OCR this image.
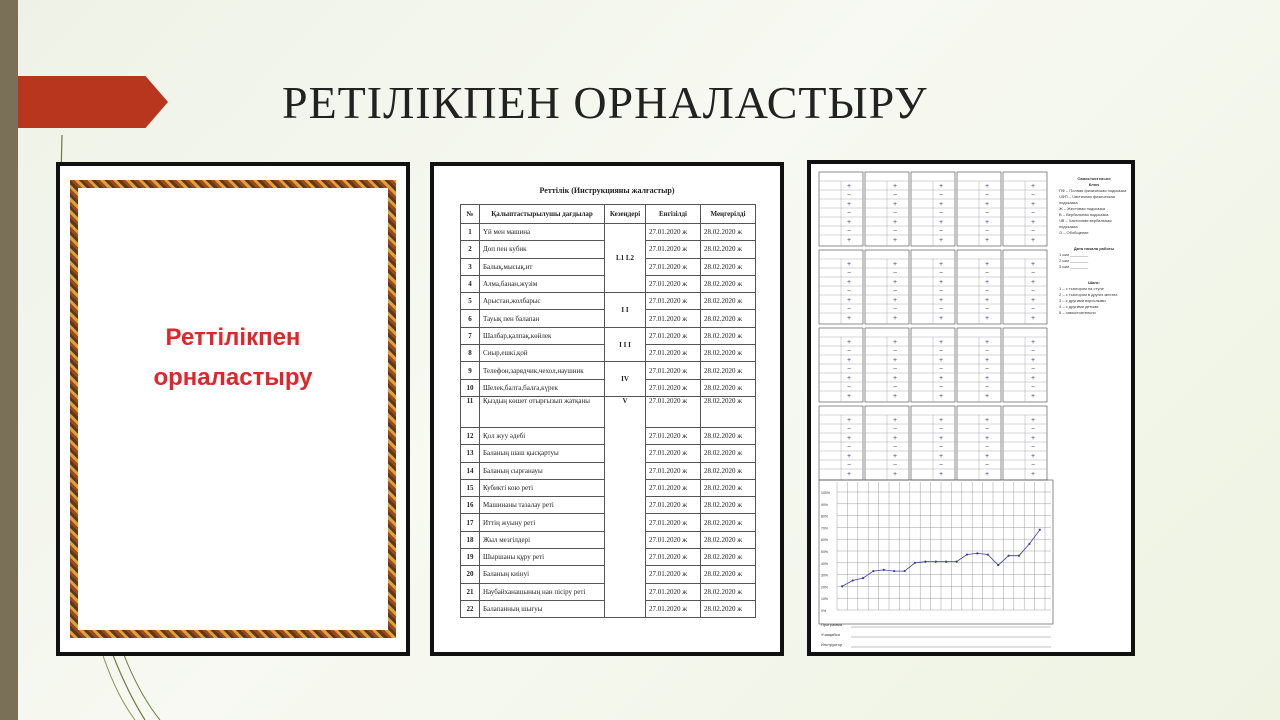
РЕТІЛІКПЕН ОРНАЛАСТЫРУ
Реттілікпен
орналастыру
Реттілік (Инструкцияны жалғастыр)
№	Қалыптастырылушы дағдылар	Кезеңдері	Енгізілді	Меңгерілді
1	Үй мен машина	L1 L2	27.01.2020 ж	28.02.2020 ж
2	Доп пен кубик		27.01.2020 ж	28.02.2020 ж
3	Балық,мысық,ит		27.01.2020 ж	28.02.2020 ж
4	Алма,банан,жүзім		27.01.2020 ж	28.02.2020 ж
5	Арыстан,жолбарыс	I I	27.01.2020 ж	28.02.2020 ж
6	Тауық пен балапан		27.01.2020 ж	28.02.2020 ж
7	Шалбар,қалпақ,көйлек	I I I	27.01.2020 ж	28.02.2020 ж
8	Сиыр,ешкі,қой		27.01.2020 ж	28.02.2020 ж
9	Телефон,зарядчик,чехол,наушник	IV	27.01.2020 ж	28.02.2020 ж
10	Шелек,балта,балға,күрек		27.01.2020 ж	28.02.2020 ж
11	Қыздың көшет отырғызып жатқаны	V	27.01.2020 ж	28.02.2020 ж
12	Қол жуу әдебі		27.01.2020 ж	28.02.2020 ж
13	Баланың шаш қысқартуы		27.01.2020 ж	28.02.2020 ж
14	Баланың сырғанауы		27.01.2020 ж	28.02.2020 ж
15	Кубикті кою реті		27.01.2020 ж	28.02.2020 ж
16	Машинаны тазалау реті		27.01.2020 ж	28.02.2020 ж
17	Иттің жуыну реті		27.01.2020 ж	28.02.2020 ж
18	Жыл мезгілдері		27.01.2020 ж	28.02.2020 ж
19	Шыршаны құру реті		27.01.2020 ж	28.02.2020 ж
20	Баланың киінуі		27.01.2020 ж	28.02.2020 ж
21	Наубайханашының нан пісіру реті		27.01.2020 ж	28.02.2020 ж
22	Балапанның шығуы		27.01.2020 ж	28.02.2020 ж
+
−
+
−
+
−
+
+
−
+
−
+
−
+
+
−
+
−
+
−
+
+
−
+
−
+
−
+
+
−
+
−
+
−
+
+
−
+
−
+
−
+
+
−
+
−
+
−
+
+
−
+
−
+
−
+
+
−
+
−
+
−
+
+
−
+
−
+
−
+
+
−
+
−
+
−
+
+
−
+
−
+
−
+
+
−
+
−
+
−
+
+
−
+
−
+
−
+
+
−
+
−
+
−
+
+
−
+
−
+
−
+
+
−
+
−
+
−
+
+
−
+
−
+
−
+
+
−
+
−
+
−
+
+
−
+
−
+
−
+
100%
90%
80%
70%
60%
50%
40%
30%
20%
10%
0%
Программа
Учащийся
Инструктор
Самостоятельно
Ключ
ПФ – Полная физическая подсказка
ЧФП – Частичная физическая подсказка
Ж – Жестовая подсказка
В – Вербальная подсказка
ЧВ – Частичная вербальная подсказка
О – Обобщение
Дата начала работы
1 шаг ________
2 шаг ________
3 шаг ________
Шаги:
1 – с тьютором на стуле
2 – с тьютором в других местах
3 – с другими взрослыми
4 – с другими детьми
5 – самостоятельно
